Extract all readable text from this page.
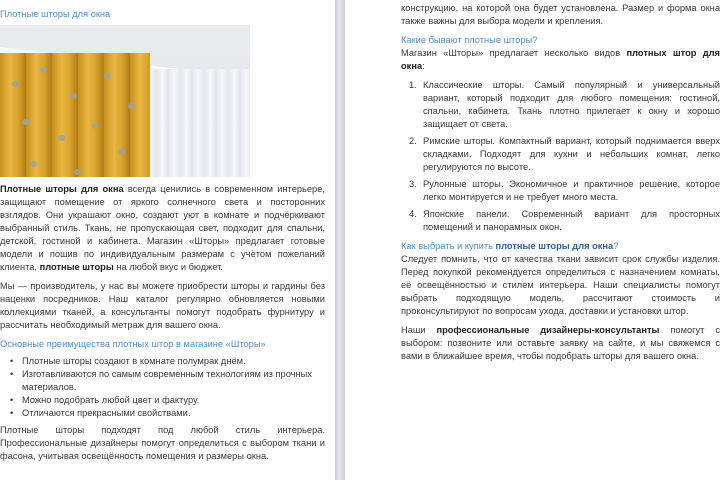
Плотные шторы для окна

Плотные шторы для окна всегда ценились в современном интерьере, защищают помещение от яркого солнечного света и посторонних взглядов. Они украшают окно, создают уют в комнате и подчёркивают выбранный стиль. Ткань, не пропускающая свет, подходит для спальни, детской, гостиной и кабинета. Магазин «Шторы» предлагает готовые модели и пошив по индивидуальным размерам с учётом пожеланий клиента, плотные шторы на любой вкус и бюджет.

Мы — производитель, у нас вы можете приобрести шторы и гардины без наценки посредников. Наш каталог регулярно обновляется новыми коллекциями тканей, а консультанты помогут подобрать фурнитуру и рассчитать необходимый метраж для вашего окна.

Основные преимущества плотных штор в магазине «Шторы»

• Плотные шторы создают в комнате полумрак днём.
• Изготавливаются по самым современным технологиям из прочных материалов.
• Можно подобрать любой цвет и фактуру.
• Отличаются прекрасными свойствами.

Плотные шторы подходят под любой стиль интерьера. Профессиональные дизайнеры помогут определиться с выбором ткани и фасона, учитывая освещённость помещения и размеры окна.

конструкцию, на которой она будет установлена. Размер и форма окна также важны для выбора модели и крепления.

Какие бывают плотные шторы?

Магазин «Шторы» предлагает несколько видов плотных штор для окна:

Классические шторы. Самый популярный и универсальный вариант, который подходит для любого помещения: гостиной, спальни, кабинета. Ткань плотно прилегает к окну и хорошо защищает от света.
Римские шторы. Компактный вариант, который поднимается вверх складками. Подходят для кухни и небольших комнат, легко регулируются по высоте.
Рулонные шторы. Экономичное и практичное решение, которое легко монтируется и не требует много места.
Японские панели. Современный вариант для просторных помещений и панорамных окон.

Как выбрать и купить плотные шторы для окна?

Следует помнить, что от качества ткани зависит срок службы изделия. Перед покупкой рекомендуется определиться с назначением комнаты, её освещённостью и стилем интерьера. Наши специалисты помогут выбрать подходящую модель, рассчитают стоимость и проконсультируют по вопросам ухода, доставки и установки штор.

Наши профессиональные дизайнеры-консультанты помогут с выбором: позвоните или оставьте заявку на сайте, и мы свяжемся с вами в ближайшее время, чтобы подобрать шторы для вашего окна.
